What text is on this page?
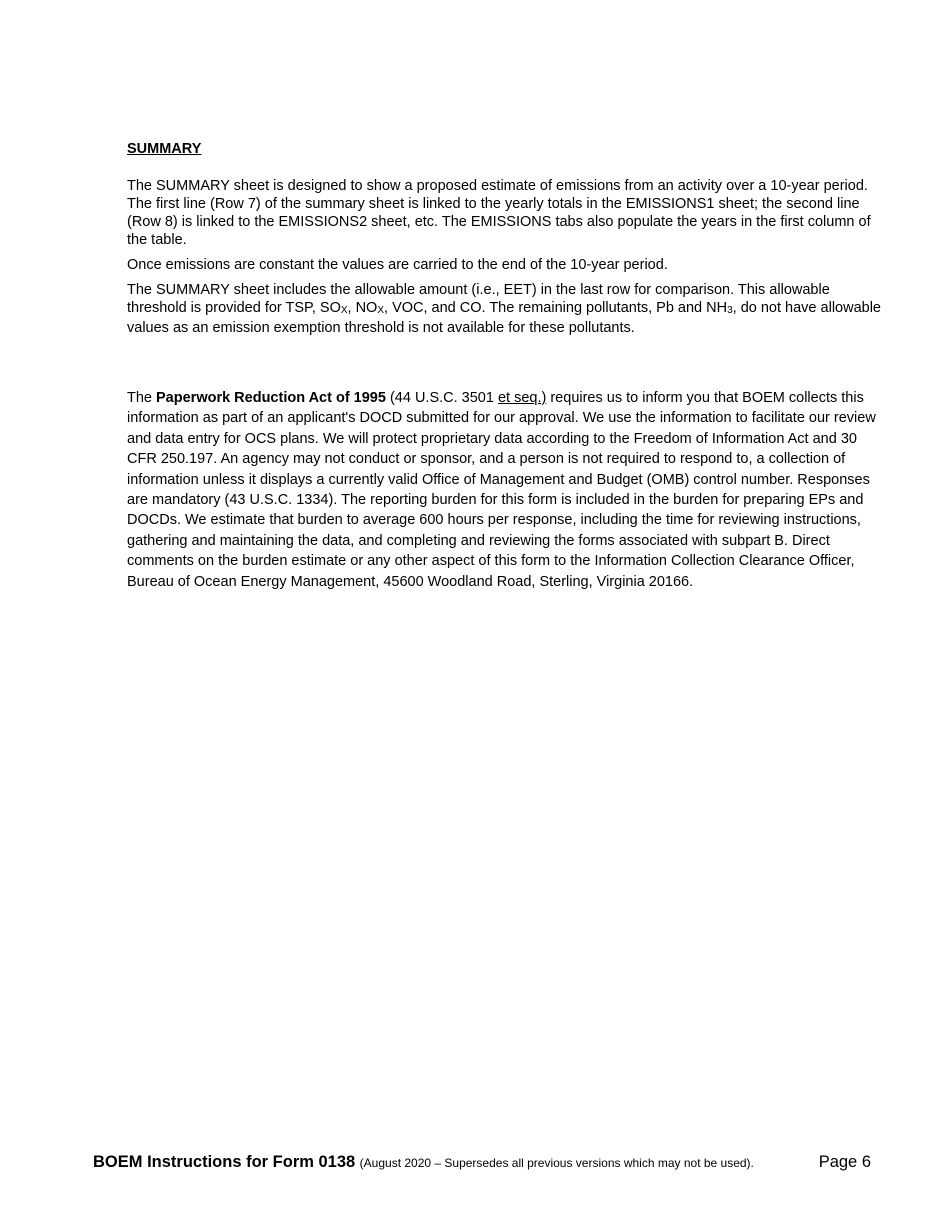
SUMMARY

The SUMMARY sheet is designed to show a proposed estimate of emissions from an activity over a 10-year period. The first line (Row 7) of the summary sheet is linked to the yearly totals in the EMISSIONS1 sheet; the second line (Row 8) is linked to the EMISSIONS2 sheet, etc. The EMISSIONS tabs also populate the years in the first column of the table.

Once emissions are constant the values are carried to the end of the 10-year period.

The SUMMARY sheet includes the allowable amount (i.e., EET) in the last row for comparison. This allowable threshold is provided for TSP, $SO_X$, $NO_X$, VOC, and CO. The remaining pollutants, Pb and $NH_3$, do not have allowable values as an emission exemption threshold is not available for these pollutants.

The Paperwork Reduction Act of 1995 (44 U.S.C. 3501 et seq.) requires us to inform you that BOEM collects this information as part of an applicant's DOCD submitted for our approval. We use the information to facilitate our review and data entry for OCS plans. We will protect proprietary data according to the Freedom of Information Act and 30 CFR 250.197. An agency may not conduct or sponsor, and a person is not required to respond to, a collection of information unless it displays a currently valid Office of Management and Budget (OMB) control number. Responses are mandatory (43 U.S.C. 1334). The reporting burden for this form is included in the burden for preparing EPs and DOCDs. We estimate that burden to average 600 hours per response, including the time for reviewing instructions, gathering and maintaining the data, and completing and reviewing the forms associated with subpart B. Direct comments on the burden estimate or any other aspect of this form to the Information Collection Clearance Officer, Bureau of Ocean Energy Management, 45600 Woodland Road, Sterling, Virginia 20166.

BOEM Instructions for Form 0138 (August 2020 – Supersedes all previous versions which may not be used).	Page 6
